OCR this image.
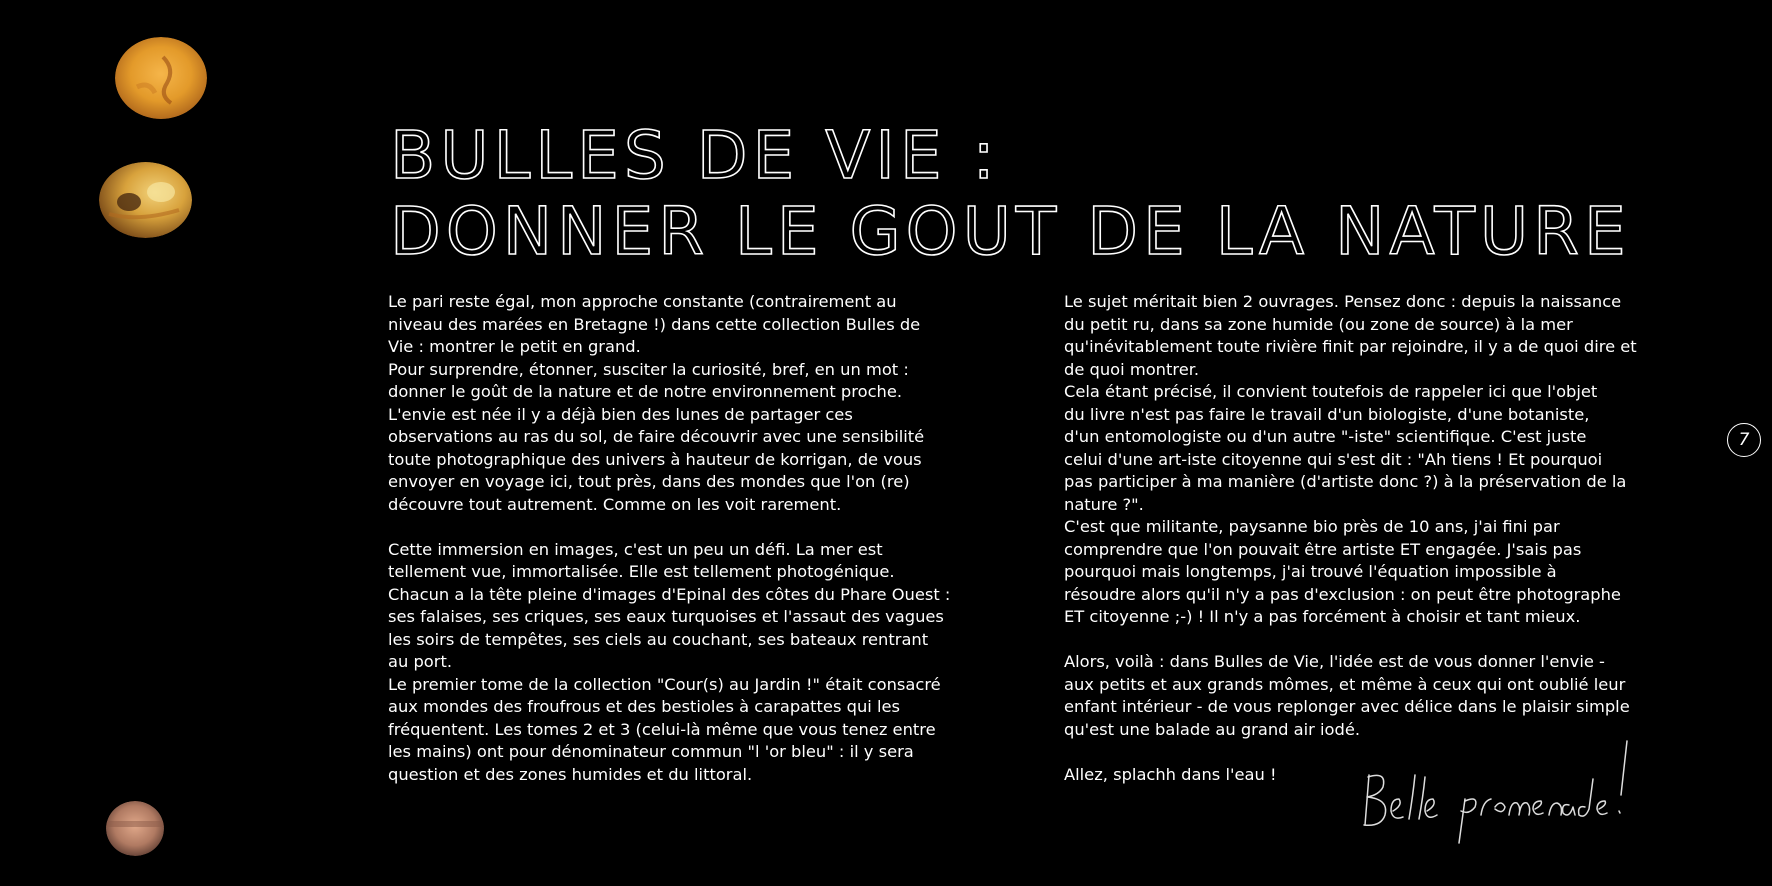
BULLES DE VIE :
DONNER LE GOUT DE LA NATURE

Le pari reste égal, mon approche constante (contrairement au
niveau des marées en Bretagne !) dans cette collection Bulles de
Vie : montrer le petit en grand.
Pour surprendre, étonner, susciter la curiosité, bref, en un mot :
donner le goût de la nature et de notre environnement proche.
L'envie est née il y a déjà bien des lunes de partager ces
observations au ras du sol, de faire découvrir avec une sensibilité
toute photographique des univers à hauteur de korrigan, de vous
envoyer en voyage ici, tout près, dans des mondes que l'on (re)
découvre tout autrement. Comme on les voit rarement.

Cette immersion en images, c'est un peu un défi. La mer est
tellement vue, immortalisée. Elle est tellement photogénique.
Chacun a la tête pleine d'images d'Epinal des côtes du Phare Ouest :
ses falaises, ses criques, ses eaux turquoises et l'assaut des vagues
les soirs de tempêtes, ses ciels au couchant, ses bateaux rentrant
au port.
Le premier tome de la collection "Cour(s) au Jardin !" était consacré
aux mondes des froufrous et des bestioles à carapattes qui les
fréquentent. Les tomes 2 et 3 (celui-là même que vous tenez entre
les mains) ont pour dénominateur commun "l 'or bleu" : il y sera
question et des zones humides et du littoral.

Le sujet méritait bien 2 ouvrages. Pensez donc : depuis la naissance
du petit ru, dans sa zone humide (ou zone de source) à la mer
qu'inévitablement toute rivière finit par rejoindre, il y a de quoi dire et
de quoi montrer.
Cela étant précisé, il convient toutefois de rappeler ici que l'objet
du livre n'est pas faire le travail d'un biologiste, d'une botaniste,
d'un entomologiste ou d'un autre "-iste" scientifique. C'est juste
celui d'une art-iste citoyenne qui s'est dit : "Ah tiens ! Et pourquoi
pas participer à ma manière (d'artiste donc ?) à la préservation de la
nature ?".
C'est que militante, paysanne bio près de 10 ans, j'ai fini par
comprendre que l'on pouvait être artiste ET engagée. J'sais pas
pourquoi mais longtemps, j'ai trouvé l'équation impossible à
résoudre alors qu'il n'y a pas d'exclusion : on peut être photographe
ET citoyenne ;-) ! Il n'y a pas forcément à choisir et tant mieux.

Alors, voilà : dans Bulles de Vie, l'idée est de vous donner l'envie -
aux petits et aux grands mômes, et même à ceux qui ont oublié leur
enfant intérieur - de vous replonger avec délice dans le plaisir simple
qu'est une balade au grand air iodé.

Allez, splachh dans l'eau !

7
